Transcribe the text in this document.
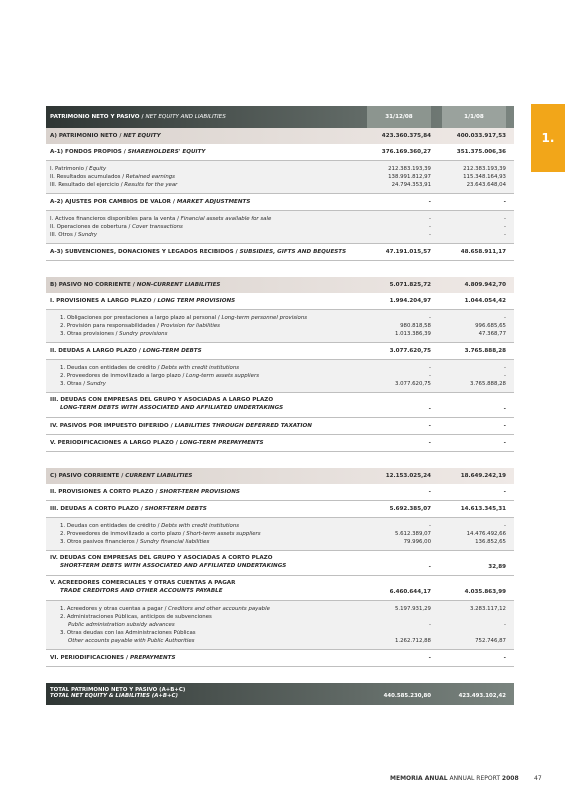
1.
PATRIMONIO NETO Y PASIVO / NET EQUITY AND LIABILITIES	31/12/08	1/1/08
A) PATRIMONIO NETO / NET EQUITY	423.360.375,84	400.033.917,53
A-1) FONDOS PROPIOS / SHAREHOLDERS' EQUITY	376.169.360,27	351.375.006,36
I. Patrimonio / Equity	212.383.193,39	212.383.193,39
II. Resultados acumulados / Retained earnings	138.991.812,97	115.348.164,93
III. Resultado del ejercicio / Results for the year	24.794.353,91	23.643.648,04
A-2) AJUSTES POR CAMBIOS DE VALOR / MARKET ADJUSTMENTS	-	-
I. Activos financieros disponibles para la venta / Financial assets available for sale	-	-
II. Operaciones de cobertura / Cover transactions	-	-
III. Otros / Sundry	-	-
A-3) SUBVENCIONES, DONACIONES Y LEGADOS RECIBIDOS / SUBSIDIES, GIFTS AND BEQUESTS	47.191.015,57	48.658.911,17
B) PASIVO NO CORRIENTE / NON-CURRENT LIABILITIES	5.071.825,72	4.809.942,70
I. PROVISIONES A LARGO PLAZO / LONG TERM PROVISIONS	1.994.204,97	1.044.054,42
1. Obligaciones por prestaciones a largo plazo al personal / Long-term personnel provisions	-	-
2. Provisión para responsabilidades / Provision for liabilities	980.818,58	996.685,65
3. Otras provisiones / Sundry provisions	1.013.386,39	47.368,77
II. DEUDAS A LARGO PLAZO / LONG-TERM DEBTS	3.077.620,75	3.765.888,28
1. Deudas con entidades de crédito / Debts with credit institutions	-	-
2. Proveedores de inmovilizado a largo plazo / Long-term assets suppliers	-	-
3. Otras / Sundry	3.077.620,75	3.765.888,28
III. DEUDAS CON EMPRESAS DEL GRUPO Y ASOCIADAS A LARGO PLAZO
LONG-TERM DEBTS WITH ASSOCIATED AND AFFILIATED UNDERTAKINGS	-	-
IV. PASIVOS POR IMPUESTO DIFERIDO / LIABILITIES THROUGH DEFERRED TAXATION	-	-
V. PERIODIFICACIONES A LARGO PLAZO / LONG-TERM PREPAYMENTS	-	-
C) PASIVO CORRIENTE / CURRENT LIABILITIES	12.153.025,24	18.649.242,19
II. PROVISIONES A CORTO PLAZO / SHORT-TERM PROVISIONS	-	-
III. DEUDAS A CORTO PLAZO / SHORT-TERM DEBTS	5.692.385,07	14.613.345,31
1. Deudas con entidades de crédito / Debts with credit institutions	-	-
2. Proveedores de inmovilizado a corto plazo / Short-term assets suppliers	5.612.389,07	14.476.492,66
3. Otros pasivos financieros / Sundry financial liabilities	79.996,00	136.852,65
IV. DEUDAS CON EMPRESAS DEL GRUPO Y ASOCIADAS A CORTO PLAZO
SHORT-TERM DEBTS WITH ASSOCIATED AND AFFILIATED UNDERTAKINGS	-	32,89
V. ACREEDORES COMERCIALES Y OTRAS CUENTAS A PAGAR
TRADE CREDITORS AND OTHER ACCOUNTS PAYABLE	6.460.644,17	4.035.863,99
1. Acreedores y otras cuentas a pagar / Creditors and other accounts payable	5.197.931,29	3.283.117,12
2. Administraciones Públicas, anticipos de subvenciones
Public administration subsidy advances	-	-
3. Otras deudas con las Administraciones Públicas
Other accounts payable with Public Authorities	1.262.712,88	752.746,87
VI. PERIODIFICACIONES / PREPAYMENTS	-	-
TOTAL PATRIMONIO NETO Y PASIVO (A+B+C)
TOTAL NET EQUITY & LIABILITIES (A+B+C)	440.585.230,80	423.493.102,42
MEMORIA ANUAL ANNUAL REPORT 2008	47
